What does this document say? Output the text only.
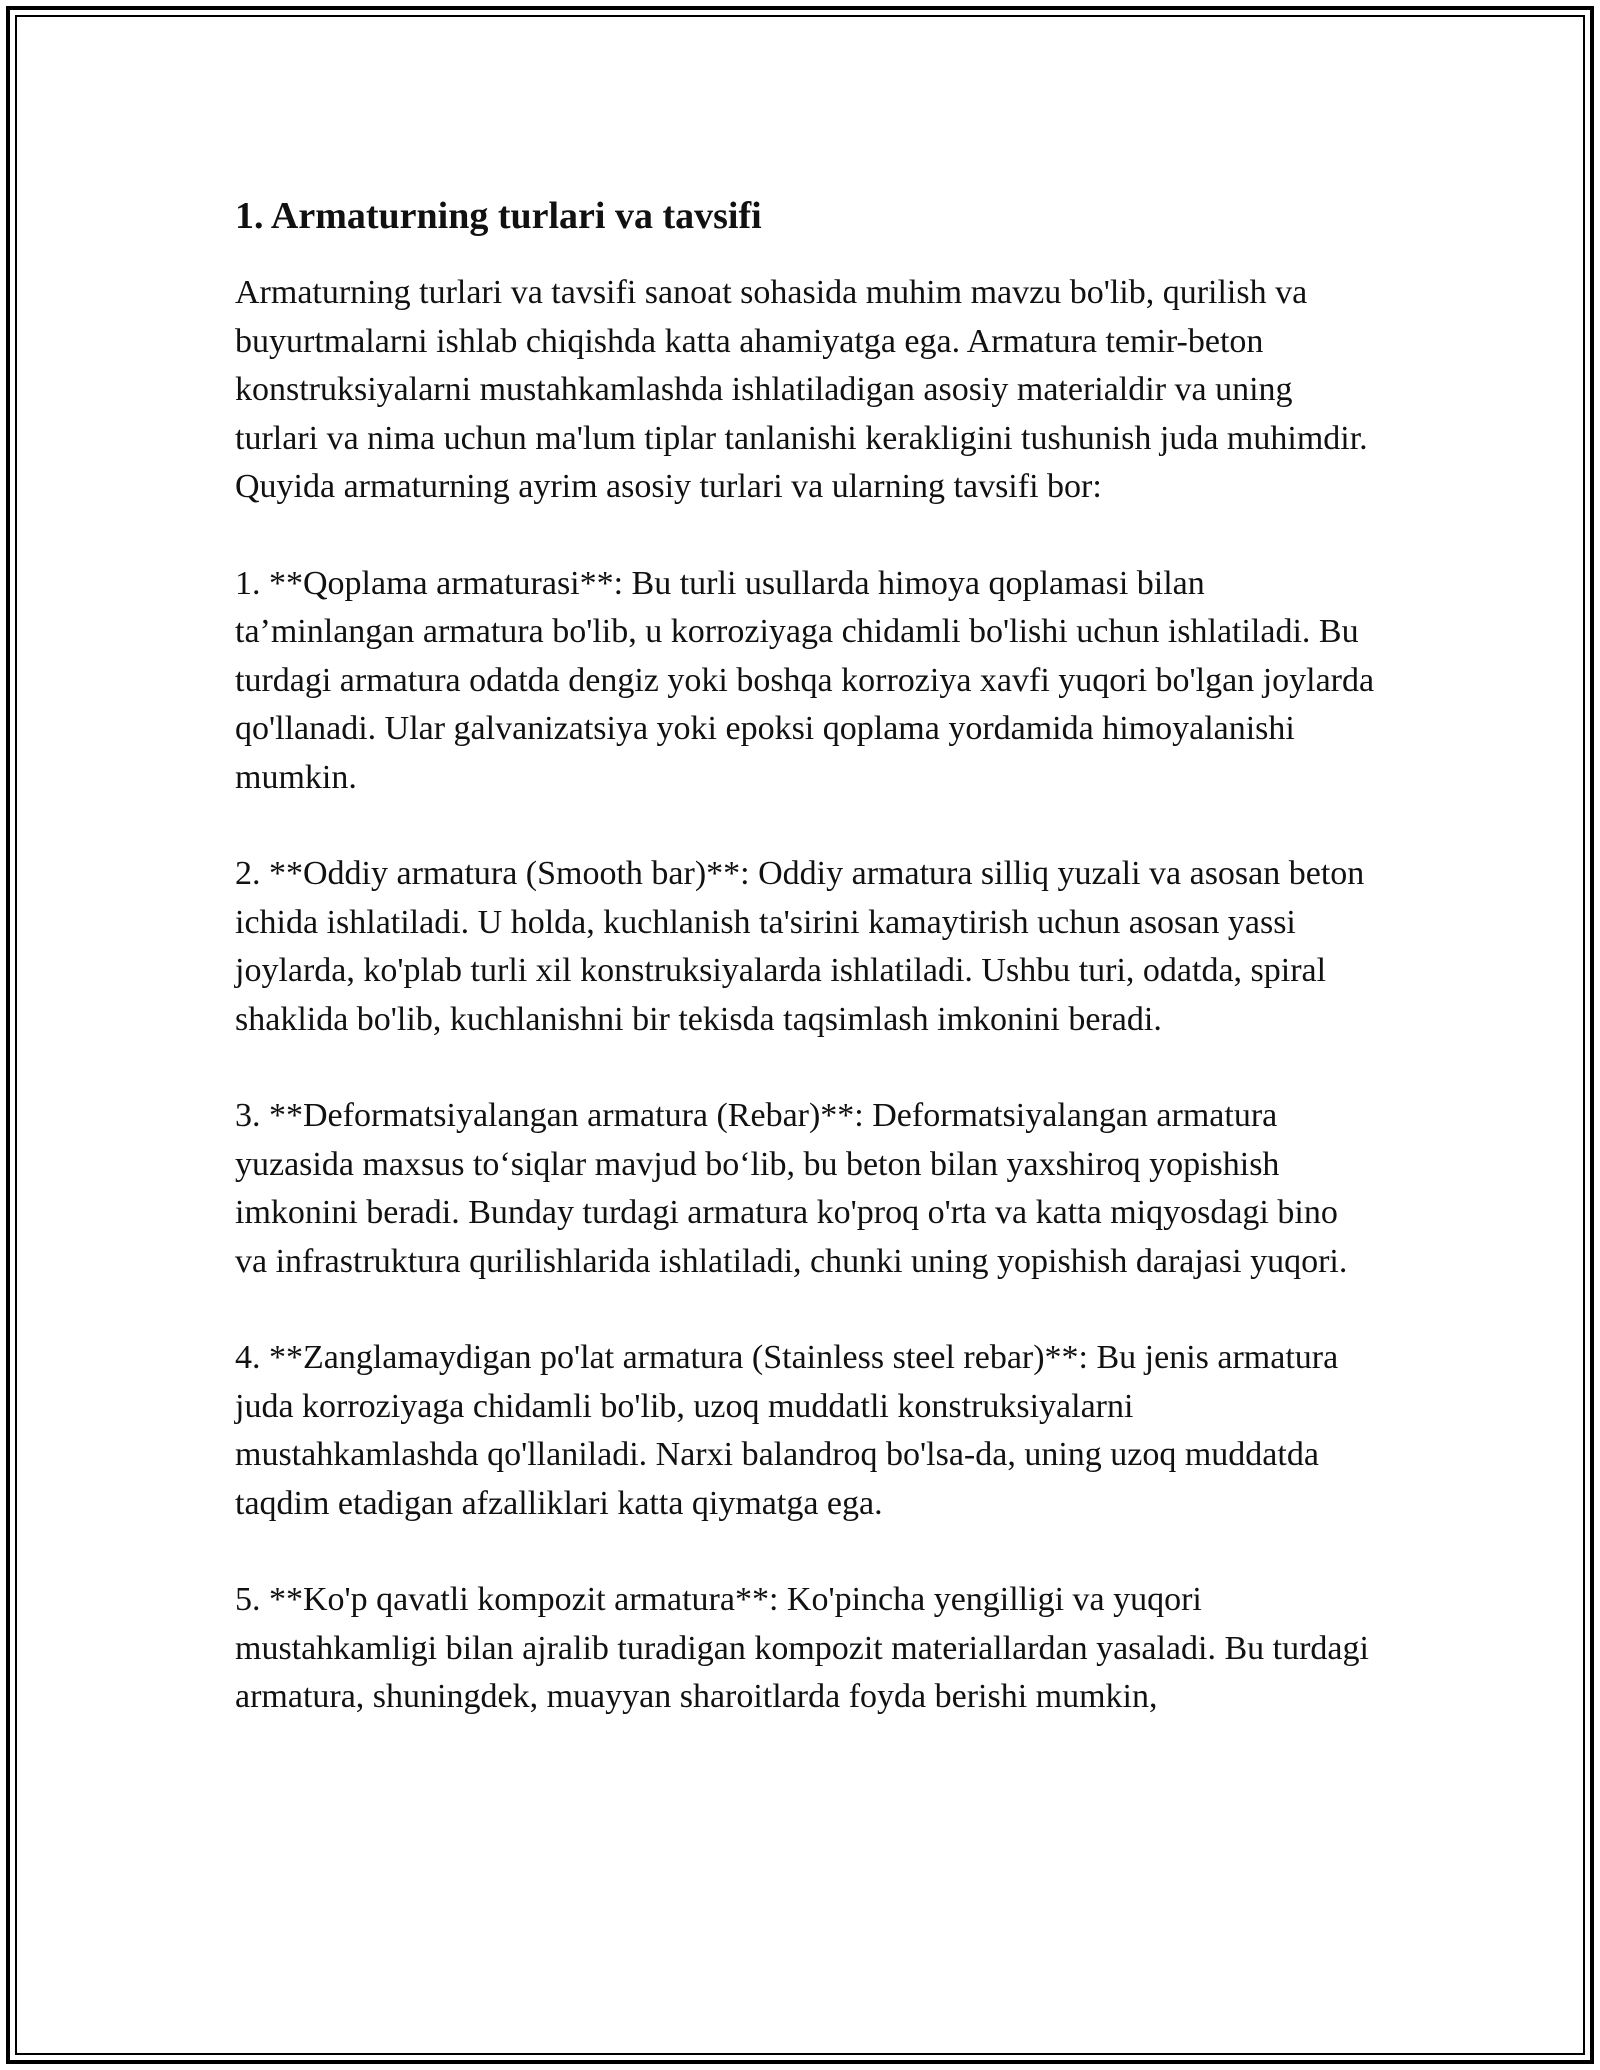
1. Armaturning turlari va tavsifi

Armaturning turlari va tavsifi sanoat sohasida muhim mavzu bo'lib, qurilish va buyurtmalarni ishlab chiqishda katta ahamiyatga ega. Armatura temir-beton konstruksiyalarni mustahkamlashda ishlatiladigan asosiy materialdir va uning turlari va nima uchun ma'lum tiplar tanlanishi kerakligini tushunish juda muhimdir. Quyida armaturning ayrim asosiy turlari va ularning tavsifi bor:

1. **Qoplama armaturasi**: Bu turli usullarda himoya qoplamasi bilan ta’minlangan armatura bo'lib, u korroziyaga chidamli bo'lishi uchun ishlatiladi. Bu turdagi armatura odatda dengiz yoki boshqa korroziya xavfi yuqori bo'lgan joylarda qo'llanadi. Ular galvanizatsiya yoki epoksi qoplama yordamida himoyalanishi mumkin.

2. **Oddiy armatura (Smooth bar)**: Oddiy armatura silliq yuzali va asosan beton ichida ishlatiladi. U holda, kuchlanish ta'sirini kamaytirish uchun asosan yassi joylarda, ko'plab turli xil konstruksiyalarda ishlatiladi. Ushbu turi, odatda, spiral shaklida bo'lib, kuchlanishni bir tekisda taqsimlash imkonini beradi.

3. **Deformatsiyalangan armatura (Rebar)**: Deformatsiyalangan armatura yuzasida maxsus to‘siqlar mavjud bo‘lib, bu beton bilan yaxshiroq yopishish imkonini beradi. Bunday turdagi armatura ko'proq o'rta va katta miqyosdagi bino va infrastruktura qurilishlarida ishlatiladi, chunki uning yopishish darajasi yuqori.

4. **Zanglamaydigan po'lat armatura (Stainless steel rebar)**: Bu jenis armatura juda korroziyaga chidamli bo'lib, uzoq muddatli konstruksiyalarni mustahkamlashda qo'llaniladi. Narxi balandroq bo'lsa-da, uning uzoq muddatda taqdim etadigan afzalliklari katta qiymatga ega.

5. **Ko'p qavatli kompozit armatura**: Ko'pincha yengilligi va yuqori mustahkamligi bilan ajralib turadigan kompozit materiallardan yasaladi. Bu turdagi armatura, shuningdek, muayyan sharoitlarda foyda berishi mumkin,
